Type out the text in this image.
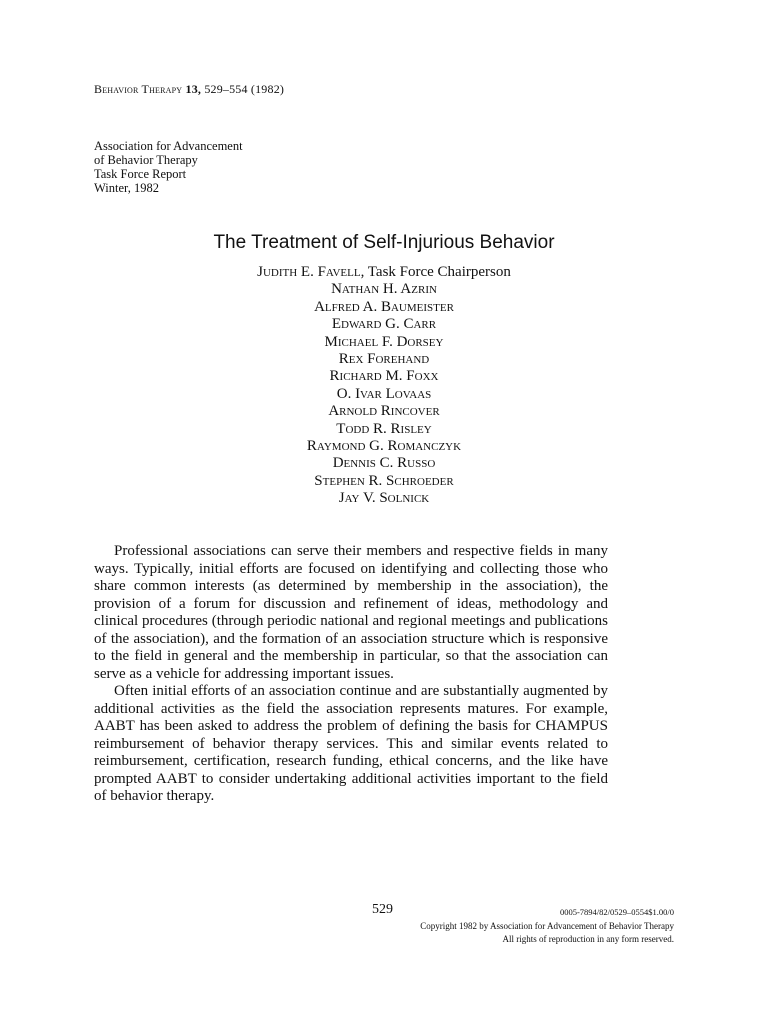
Behavior Therapy 13, 529–554 (1982)
Association for Advancement
of Behavior Therapy
Task Force Report
Winter, 1982
The Treatment of Self-Injurious Behavior
Judith E. Favell, Task Force Chairperson
Nathan H. Azrin
Alfred A. Baumeister
Edward G. Carr
Michael F. Dorsey
Rex Forehand
Richard M. Foxx
O. Ivar Lovaas
Arnold Rincover
Todd R. Risley
Raymond G. Romanczyk
Dennis C. Russo
Stephen R. Schroeder
Jay V. Solnick

Professional associations can serve their members and respective fields in many ways. Typically, initial efforts are focused on identifying and collecting those who share common interests (as determined by membership in the association), the provision of a forum for discussion and refinement of ideas, methodology and clinical procedures (through periodic national and regional meetings and publications of the association), and the formation of an association structure which is responsive to the field in general and the membership in particular, so that the association can serve as a vehicle for addressing important issues.

Often initial efforts of an association continue and are substantially augmented by additional activities as the field the association represents matures. For example, AABT has been asked to address the problem of defining the basis for CHAMPUS reimbursement of behavior therapy services. This and similar events related to reimbursement, certification, research funding, ethical concerns, and the like have prompted AABT to consider undertaking additional activities important to the field of behavior therapy.

529	0005-7894/82/0529–0554$1.00/0
Copyright 1982 by Association for Advancement of Behavior Therapy
All rights of reproduction in any form reserved.
